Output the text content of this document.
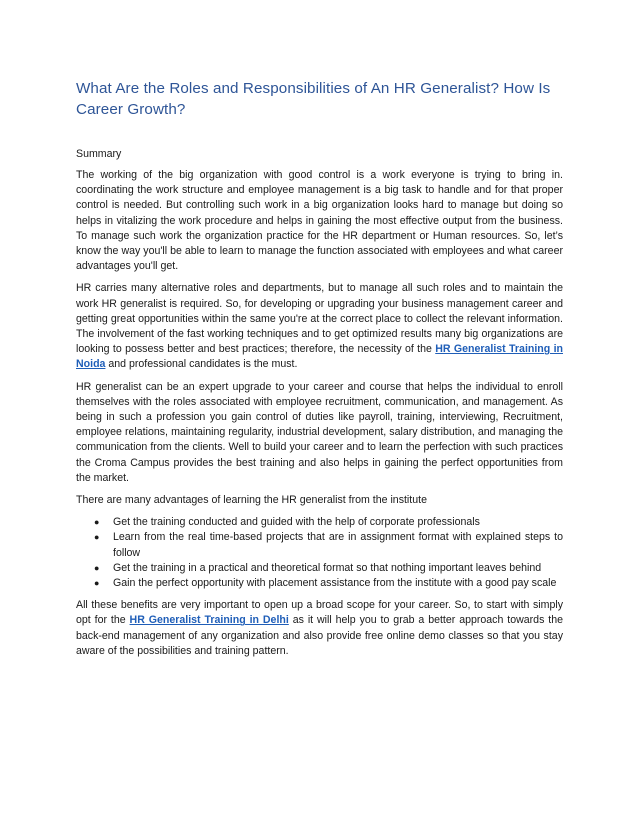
What Are the Roles and Responsibilities of An HR Generalist? How Is Career Growth?
Summary

The working of the big organization with good control is a work everyone is trying to bring in. coordinating the work structure and employee management is a big task to handle and for that proper control is needed. But controlling such work in a big organization looks hard to manage but doing so helps in vitalizing the work procedure and helps in gaining the most effective output from the business. To manage such work the organization practice for the HR department or Human resources. So, let’s know the way you'll be able to learn to manage the function associated with employees and what career advantages you'll get.

HR carries many alternative roles and departments, but to manage all such roles and to maintain the work HR generalist is required. So, for developing or upgrading your business management career and getting great opportunities within the same you're at the correct place to collect the relevant information. The involvement of the fast working techniques and to get optimized results many big organizations are looking to possess better and best practices; therefore, the necessity of the HR Generalist Training in Noida and professional candidates is the must.

HR generalist can be an expert upgrade to your career and course that helps the individual to enroll themselves with the roles associated with employee recruitment, communication, and management. As being in such a profession you gain control of duties like payroll, training, interviewing, Recruitment, employee relations, maintaining regularity, industrial development, salary distribution, and managing the communication from the clients. Well to build your career and to learn the perfection with such practices the Croma Campus provides the best training and also helps in gaining the perfect opportunities from the market.

There are many advantages of learning the HR generalist from the institute

● Get the training conducted and guided with the help of corporate professionals
● Learn from the real time-based projects that are in assignment format with explained steps to follow
● Get the training in a practical and theoretical format so that nothing important leaves behind
● Gain the perfect opportunity with placement assistance from the institute with a good pay scale

All these benefits are very important to open up a broad scope for your career. So, to start with simply opt for the HR Generalist Training in Delhi as it will help you to grab a better approach towards the back-end management of any organization and also provide free online demo classes so that you stay aware of the possibilities and training pattern.
